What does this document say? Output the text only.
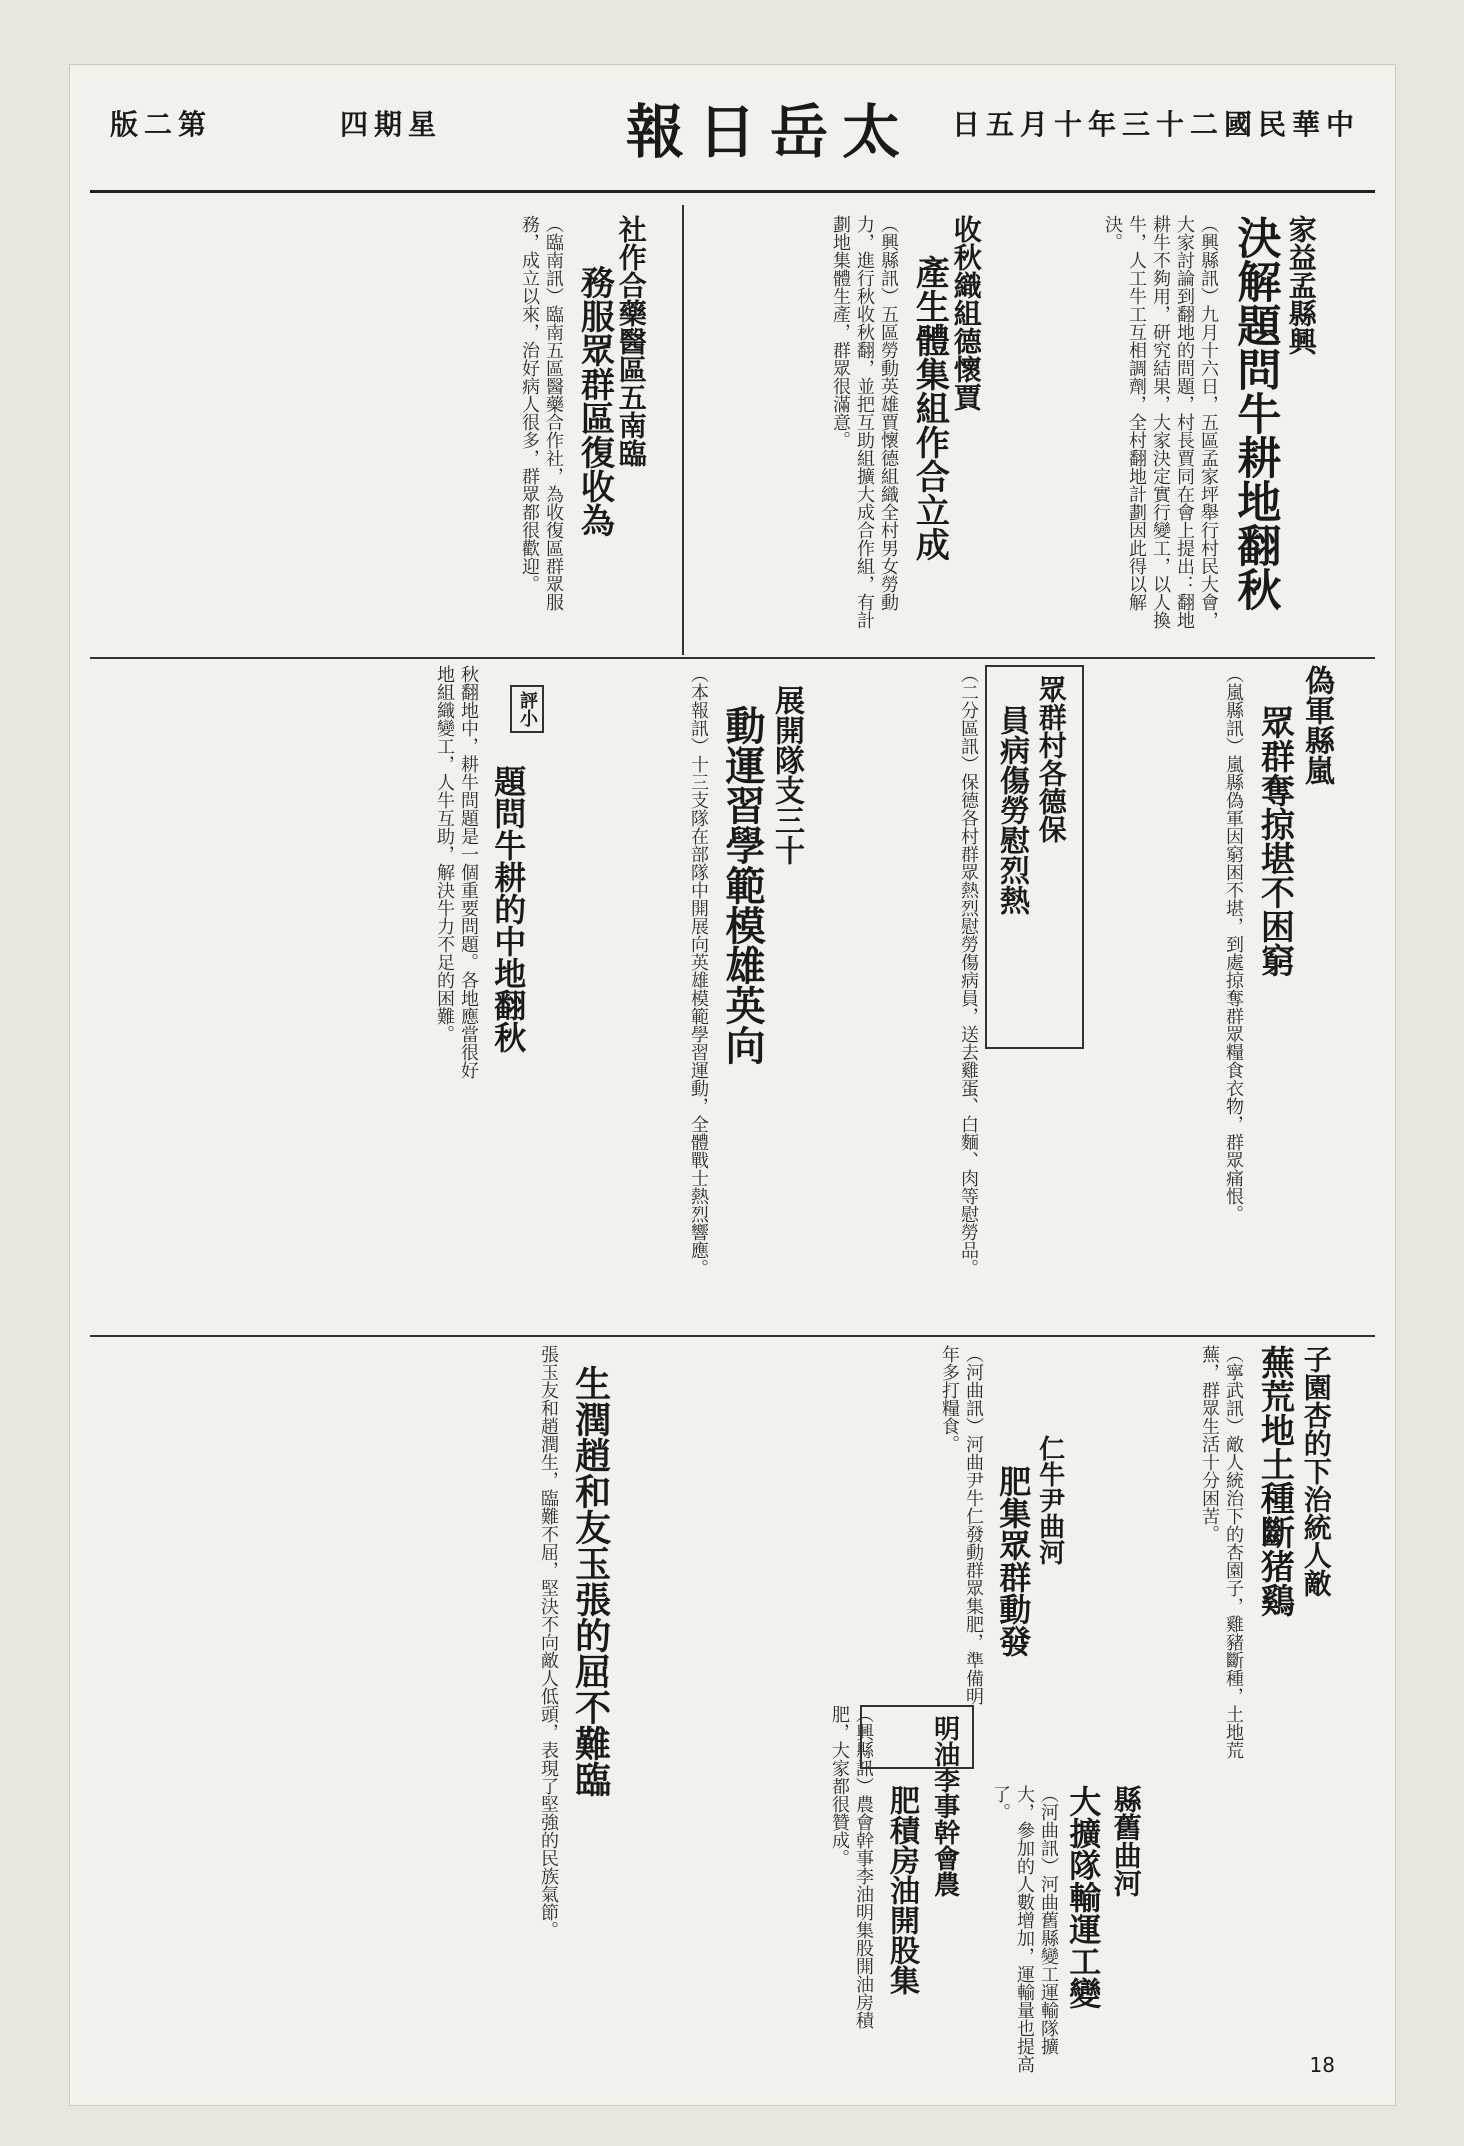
版二第	四期星	報日岳太	日五月十年三十二國民華中
家益孟縣興
決解題問牛耕地翻秋
（興縣訊）九月十六日，五區孟家坪舉行村民大會，大家討論到翻地的問題，村長賈同在會上提出：翻地耕牛不夠用，研究結果，大家決定實行變工，以人換牛，人工牛工互相調劑，全村翻地計劃因此得以解決。
收秋織組德懷賈
產生體集組作合立成
（興縣訊）五區勞動英雄賈懷德組織全村男女勞動力，進行秋收秋翻，並把互助組擴大成合作組，有計劃地集體生產，群眾很滿意。
社作合藥醫區五南臨
務服眾群區復收為
（臨南訊）臨南五區醫藥合作社，為收復區群眾服務，成立以來，治好病人很多，群眾都很歡迎。
偽軍縣嵐
眾群奪掠堪不困窮
（嵐縣訊）嵐縣偽軍因窮困不堪，到處掠奪群眾糧食衣物，群眾痛恨。
眾群村各德保
員病傷勞慰烈熱
（二分區訊）保德各村群眾熱烈慰勞傷病員，送去雞蛋、白麵、肉等慰勞品。
展開隊支三十
動運習學範模雄英向
（本報訊）十三支隊在部隊中開展向英雄模範學習運動，全體戰士熱烈響應。
評小
題問牛耕的中地翻秋
秋翻地中，耕牛問題是一個重要問題。各地應當很好地組織變工，人牛互助，解決牛力不足的困難。
子園杏的下治統人敵
蕪荒地土種斷猪鷄
（寧武訊）敵人統治下的杏園子，雞豬斷種，土地荒蕪，群眾生活十分困苦。
仁牛尹曲河
肥集眾群動發
（河曲訊）河曲尹牛仁發動群眾集肥，準備明年多打糧食。
明油李事幹會農
肥積房油開股集
（興縣訊）農會幹事李油明集股開油房積肥，大家都很贊成。	縣舊曲河
大擴隊輸運工變
（河曲訊）河曲舊縣變工運輸隊擴大，參加的人數增加，運輸量也提高了。
生潤趙和友玉張的屈不難臨
張玉友和趙潤生，臨難不屈，堅決不向敵人低頭，表現了堅強的民族氣節。
18
